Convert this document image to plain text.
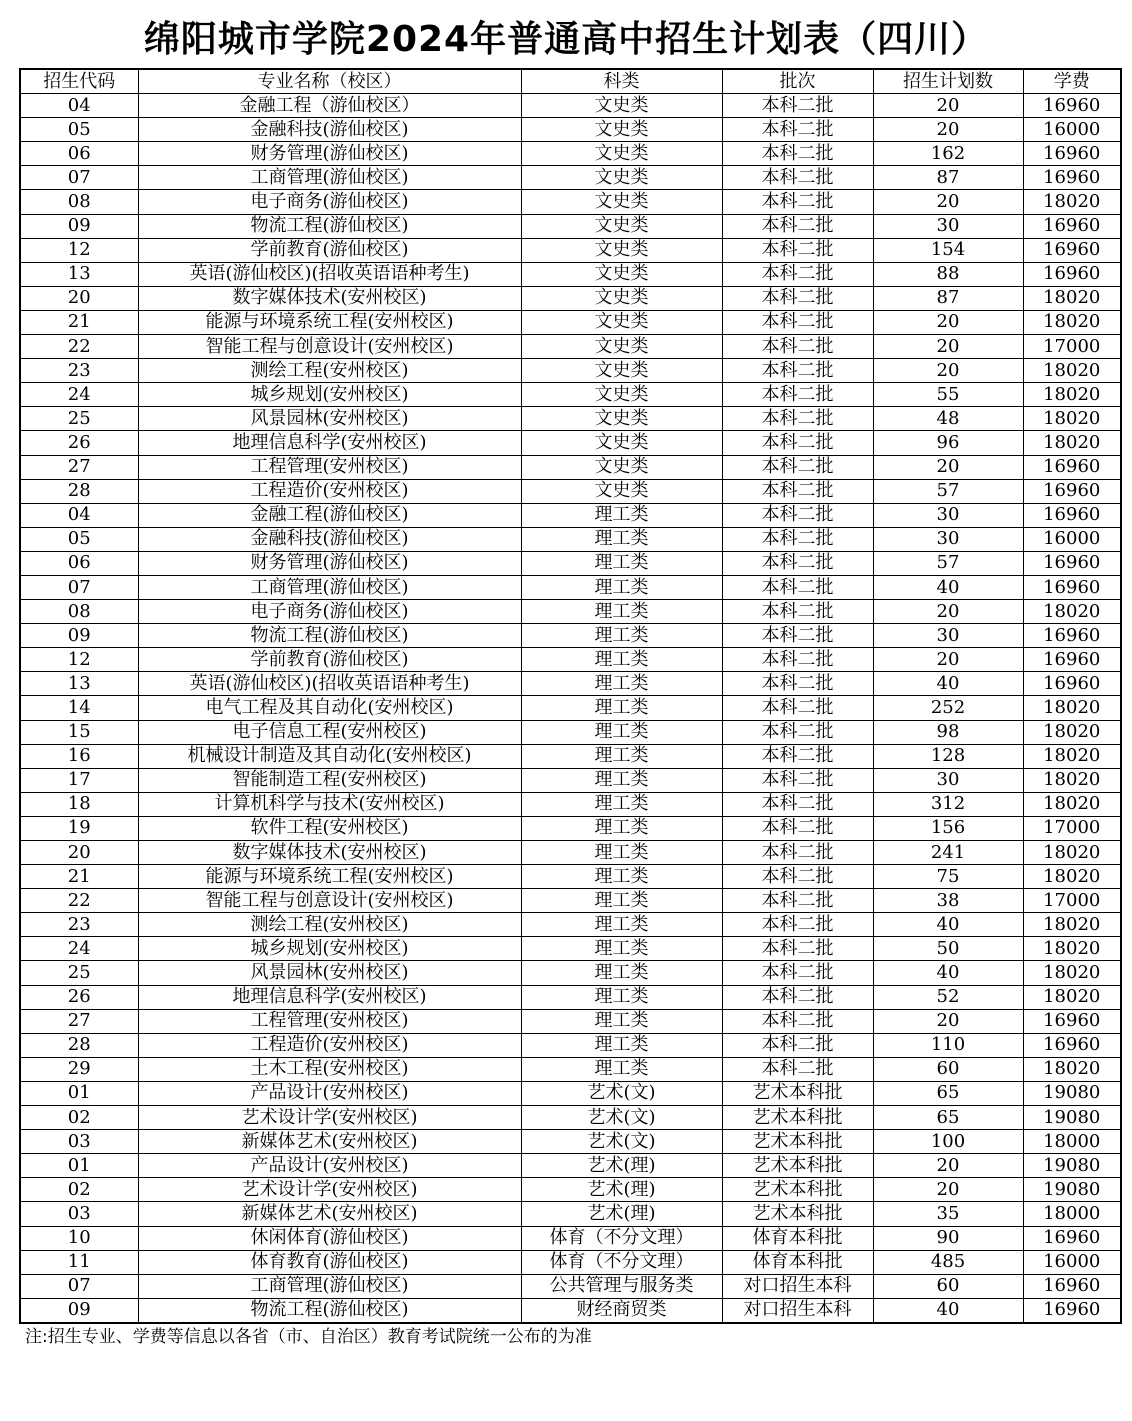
绵阳城市学院2024年普通高中招生计划表（四川）
招生代码	专业名称（校区）	科类	批次	招生计划数	学费
04	金融工程（游仙校区）	文史类	本科二批	20	16960
05	金融科技(游仙校区)	文史类	本科二批	20	16000
06	财务管理(游仙校区)	文史类	本科二批	162	16960
07	工商管理(游仙校区)	文史类	本科二批	87	16960
08	电子商务(游仙校区)	文史类	本科二批	20	18020
09	物流工程(游仙校区)	文史类	本科二批	30	16960
12	学前教育(游仙校区)	文史类	本科二批	154	16960
13	英语(游仙校区)(招收英语语种考生)	文史类	本科二批	88	16960
20	数字媒体技术(安州校区)	文史类	本科二批	87	18020
21	能源与环境系统工程(安州校区)	文史类	本科二批	20	18020
22	智能工程与创意设计(安州校区)	文史类	本科二批	20	17000
23	测绘工程(安州校区)	文史类	本科二批	20	18020
24	城乡规划(安州校区)	文史类	本科二批	55	18020
25	风景园林(安州校区)	文史类	本科二批	48	18020
26	地理信息科学(安州校区)	文史类	本科二批	96	18020
27	工程管理(安州校区)	文史类	本科二批	20	16960
28	工程造价(安州校区)	文史类	本科二批	57	16960
04	金融工程(游仙校区)	理工类	本科二批	30	16960
05	金融科技(游仙校区)	理工类	本科二批	30	16000
06	财务管理(游仙校区)	理工类	本科二批	57	16960
07	工商管理(游仙校区)	理工类	本科二批	40	16960
08	电子商务(游仙校区)	理工类	本科二批	20	18020
09	物流工程(游仙校区)	理工类	本科二批	30	16960
12	学前教育(游仙校区)	理工类	本科二批	20	16960
13	英语(游仙校区)(招收英语语种考生)	理工类	本科二批	40	16960
14	电气工程及其自动化(安州校区)	理工类	本科二批	252	18020
15	电子信息工程(安州校区)	理工类	本科二批	98	18020
16	机械设计制造及其自动化(安州校区)	理工类	本科二批	128	18020
17	智能制造工程(安州校区)	理工类	本科二批	30	18020
18	计算机科学与技术(安州校区)	理工类	本科二批	312	18020
19	软件工程(安州校区)	理工类	本科二批	156	17000
20	数字媒体技术(安州校区)	理工类	本科二批	241	18020
21	能源与环境系统工程(安州校区)	理工类	本科二批	75	18020
22	智能工程与创意设计(安州校区)	理工类	本科二批	38	17000
23	测绘工程(安州校区)	理工类	本科二批	40	18020
24	城乡规划(安州校区)	理工类	本科二批	50	18020
25	风景园林(安州校区)	理工类	本科二批	40	18020
26	地理信息科学(安州校区)	理工类	本科二批	52	18020
27	工程管理(安州校区)	理工类	本科二批	20	16960
28	工程造价(安州校区)	理工类	本科二批	110	16960
29	土木工程(安州校区)	理工类	本科二批	60	18020
01	产品设计(安州校区)	艺术(文)	艺术本科批	65	19080
02	艺术设计学(安州校区)	艺术(文)	艺术本科批	65	19080
03	新媒体艺术(安州校区)	艺术(文)	艺术本科批	100	18000
01	产品设计(安州校区)	艺术(理)	艺术本科批	20	19080
02	艺术设计学(安州校区)	艺术(理)	艺术本科批	20	19080
03	新媒体艺术(安州校区)	艺术(理)	艺术本科批	35	18000
10	休闲体育(游仙校区)	体育（不分文理）	体育本科批	90	16960
11	体育教育(游仙校区)	体育（不分文理）	体育本科批	485	16000
07	工商管理(游仙校区)	公共管理与服务类	对口招生本科	60	16960
09	物流工程(游仙校区)	财经商贸类	对口招生本科	40	16960
注:招生专业、学费等信息以各省（市、自治区）教育考试院统一公布的为准
